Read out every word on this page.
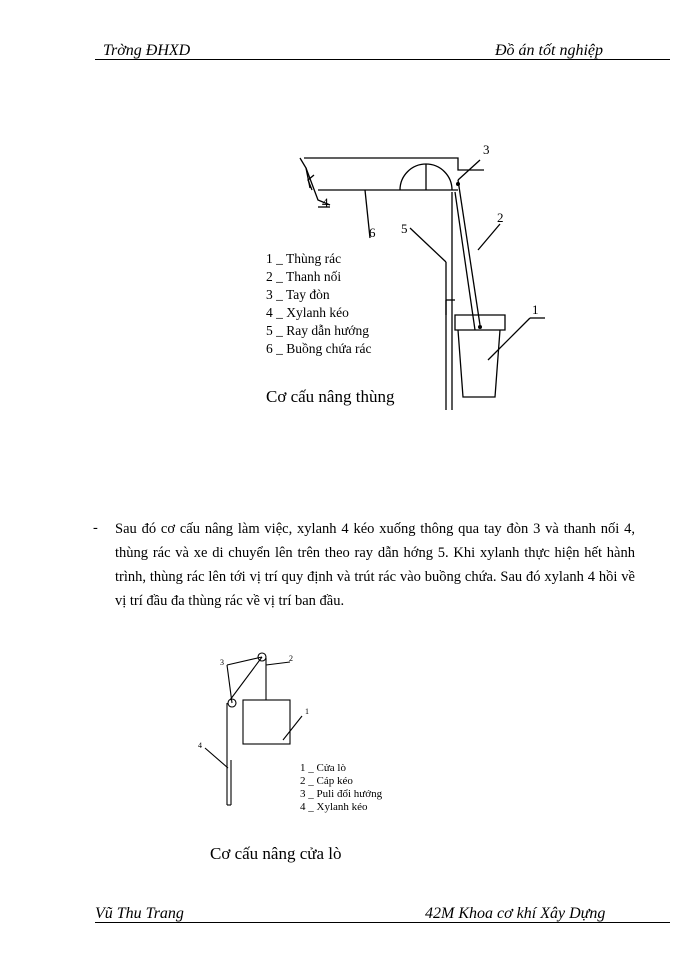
Trờng ĐHXD	Đồ án tốt nghiệp
3
2
1
4
6 5
2
3
1
4
1 _ Thùng rác
2 _ Thanh nối
3 _ Tay đòn
4 _ Xylanh kéo
5 _ Ray dẫn hướng
6 _ Buồng chứa rác
Cơ cấu nâng thùng
- Sau đó cơ cấu nâng làm việc, xylanh 4 kéo xuống thông qua tay đòn 3 và thanh nối 4, thùng rác và xe di chuyển lên trên theo ray dẫn hớng 5. Khi xylanh thực hiện hết hành trình, thùng rác lên tới vị trí quy định và trút rác vào buồng chứa. Sau đó xylanh 4 hồi về vị trí đầu đa thùng rác về vị trí ban đầu.
1 _ Cửa lò
2 _ Cáp kéo
3 _ Puli đổi hướng
4 _ Xylanh kéo
Cơ cấu nâng cửa lò
Vũ Thu Trang	42M Khoa cơ khí Xây Dựng
